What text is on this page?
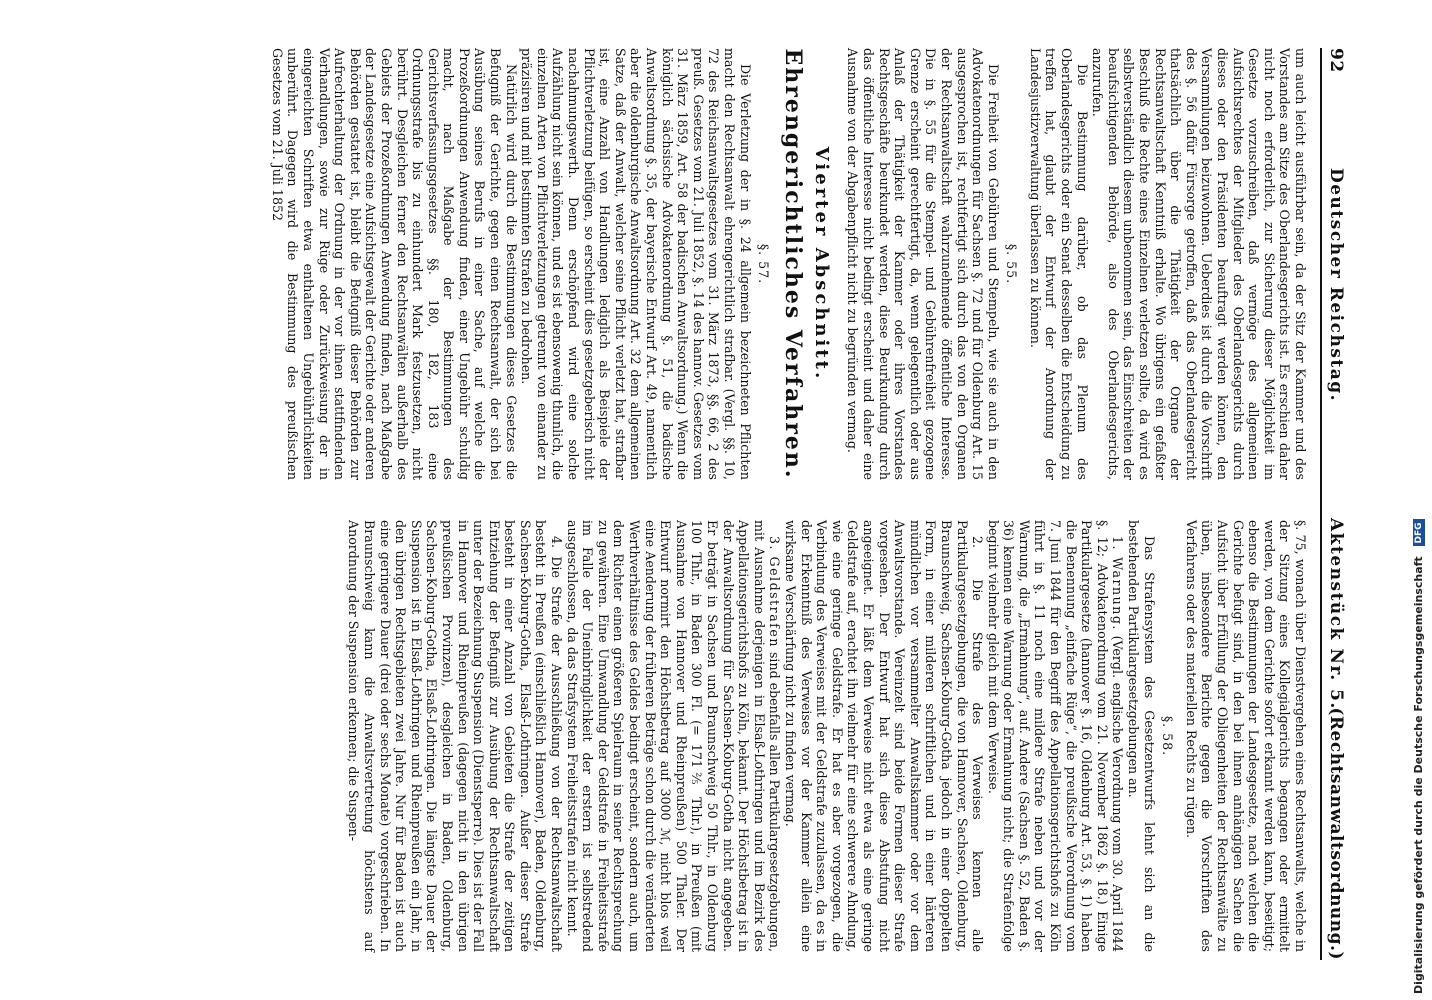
92
Deutscher Reichstag.
Aktenstück Nr. 5.
(Rechtsanwaltsordnung.)

um auch leicht ausführbar sein, da der Sitz der Kammer und des Vorstandes am Sitze des Oberlandesgerichts ist. Es erschien daher nicht noch erforderlich, zur Sicherung dieser Möglichkeit im Gesetze vorzuschreiben, daß vermöge des allgemeinen Aufsichtsrechtes der Mitglieder des Oberlandesgerichts durch dieses oder den Präsidenten beauftragt werden können, den Versammlungen beizuwohnen. Ueberdies ist durch die Vorschrift des §. 56 dafür Fürsorge getroffen, daß das Oberlandesgericht thatsächlich über die Thätigkeit der Organe der Rechtsanwaltschaft Kenntniß erhalte. Wo übrigens ein gefaßter Beschluß die Rechte eines Einzelnen verletzen sollte, da wird es selbstverständlich diesem unbenommen sein, das Einschreiten der beaufsichtigenden Behörde, also des Oberlandesgerichts, anzurufen.

Die Bestimmung darüber, ob das Plenum des Oberlandesgerichts oder ein Senat desselben die Entscheidung zu treffen hat, glaubt der Entwurf der Anordnung der Landesjustizverwaltung überlassen zu können.

§. 55.

Die Freiheit von Gebühren und Stempeln, wie sie auch in den Advokatenordnungen für Sachsen §. 72 und für Oldenburg Art. 15 ausgesprochen ist, rechtfertigt sich durch das von den Organen der Rechtsanwaltschaft wahrzunehmende öffentliche Interesse. Die in §. 55 für die Stempel- und Gebührenfreiheit gezogene Grenze erscheint gerechtfertigt, da, wenn gelegentlich oder aus Anlaß der Thätigkeit der Kammer oder ihres Vorstandes Rechtsgeschäfte beurkundet werden, diese Beurkundung durch das öffentliche Interesse nicht bedingt erscheint und daher eine Ausnahme von der Abgabenpflicht nicht zu begründen vermag.

Vierter Abschnitt.
Ehrengerichtliches Verfahren.

§. 57.

Die Verletzung der in §. 24 allgemein bezeichneten Pflichten macht den Rechtsanwalt ehrengerichtlich strafbar. (Vergl. §§. 10, 72 des Reichsanwaltsgesetzes vom 31. März 1873, §§. 66, 2 des preuß. Gesetzes vom 21. Juli 1852, §. 14 des hannov. Gesetzes vom 31. März 1859, Art. 58 der badischen Anwaltsordnung.) Wenn die königlich sächsische Advokatenordnung §. 51, die badische Anwaltsordnung §. 35, der bayerische Entwurf Art. 49, namentlich aber die oldenburgische Anwaltsordnung Art. 32 dem allgemeinen Satze, daß der Anwalt, welcher seine Pflicht verletzt hat, strafbar ist, eine Anzahl von Handlungen lediglich als Beispiele der Pflichtverletzung beifügen, so erscheint dies gesetzgeberisch nicht nachahmungswerth. Denn erschöpfend wird eine solche Aufzählung nicht sein können, und es ist ebensowenig thunlich, die einzelnen Arten von Pflichtverletzungen getrennt von einander zu präzisiren und mit bestimmten Strafen zu bedrohen.

Natürlich wird durch die Bestimmungen dieses Gesetzes die Befugniß der Gerichte, gegen einen Rechtsanwalt, der sich bei Ausübung seines Berufs in einer Sache, auf welche die Prozeßordnungen Anwendung finden, einer Ungebühr schuldig macht, nach Maßgabe der Bestimmungen des Gerichtsverfassungsgesetzes §§. 180, 182, 183 eine Ordnungsstrafe bis zu einhundert Mark festzusetzen, nicht berührt. Desgleichen ferner den Rechtsanwälten außerhalb des Gebiets der Prozeßordnungen Anwendung finden, nach Maßgabe der Landesgesetze eine Aufsichtsgewalt der Gerichte oder anderen Behörden gestattet ist, bleibt die Befugniß dieser Behörden zur Aufrechterhaltung der Ordnung in der vor ihnen stattfindenden Verhandlungen, sowie zur Rüge oder Zurückweisung der in eingereichten Schriften etwa enthaltenen Ungebührlichkeiten unberührt. Dagegen wird die Bestimmung des preußischen Gesetzes vom 21. Juli 1852

§. 75, wonach über Dienstvergehen eines Rechtsanwalts, welche in der Sitzung eines Kollegialgerichts begangen oder ermittelt werden, von dem Gerichte sofort erkannt werden kann, beseitigt; ebenso die Bestimmungen der Landesgesetze, nach welchen die Gerichte befugt sind, in den bei ihnen anhängigen Sachen die Aufsicht über Erfüllung der Obliegenheiten der Rechtsanwälte zu üben, insbesondere Berichte gegen die Vorschriften des Verfahrens oder des materiellen Rechts zu rügen.

§. 58.

Das Strafensystem des Gesetzentwurfs lehnt sich an die bestehenden Partikulargesetzgebungen an.

1. Warnung. (Vergl. englische Verordnung vom 30. April 1844 §. 12; Advokatenordnung vom 21. November 1862 §. 18.) Einige Partikulargesetze (hannover §. 16, Oldenburg Art. 53, §. 1) haben die Benennung „einfache Rüge“, die preußische Verordnung vom 7. Juni 1844 für den Begriff des Appellationsgerichtshofs zu Köln führt in §. 11 noch eine mildere Strafe neben und vor der Warnung, die „Ermahnung“, auf. Andere (Sachsen §. 52, Baden §. 36) kennen eine Warnung oder Ermahnung nicht; die Strafenfolge beginnt vielmehr gleich mit dem Verweise.

2. Die Strafe des Verweises kennen alle Partikulargesetzgebungen, die von Hannover, Sachsen, Oldenburg, Braunschweig, Sachsen-Koburg-Gotha jedoch in einer doppelten Form, in einer milderen schriftlichen und in einer härteren mündlichen vor versammelter Anwaltskammer oder vor dem Anwaltsvorstande. Vereinzelt sind beide Formen dieser Strafe vorgesehen. Der Entwurf hat sich diese Abstufung nicht angeeignet. Er läßt dem Verweise nicht etwa als eine geringe Geldstrafe auf, erachtet ihn vielmehr für eine schwerere Ahndung, wie eine geringe Geldstrafe. Er hat es aber vorgezogen, die Verbindung des Verweises mit der Geldstrafe zuzulassen, da es in der Erkenntniß des Verweises vor der Kammer allein eine wirksame Verschärfung nicht zu finden vermag.

3. Geldstrafen sind ebenfalls allen Partikulargesetzgebungen, mit Ausnahme derjenigen in Elsaß-Lothringen und im Bezirk des Appellationsgerichtshofs zu Köln, bekannt. Der Höchstbetrag ist in der Anwaltsordnung für Sachsen-Koburg-Gotha nicht angegeben. Er beträgt in Sachsen und Braunschweig 50 Thlr., in Oldenburg 100 Thlr., in Baden 300 Fl. (= 171⅖ Thlr.), in Preußen (mit Ausnahme von Hannover und Rheinpreußen) 500 Thaler. Der Entwurf normirt den Höchstbetrag auf 3000 ℳ, nicht blos weil eine Aenderung der früheren Beträge schon durch die veränderten Werthverhältnisse des Geldes bedingt erscheint, sondern auch, um dem Richter einen größeren Spielraum in seiner Rechtsprechung zu gewähren. Eine Umwandlung der Geldstrafe in Freiheitsstrafe im Falle der Uneinbringlichkeit der erstern ist selbstredend ausgeschlossen, da das Strafsystem Freiheitsstrafen nicht kennt.

4. Die Strafe der Ausschließung von der Rechtsanwaltschaft besteht in Preußen (einschließlich Hannover), Baden, Oldenburg, Sachsen-Koburg-Gotha, Elsaß-Lothringen. Außer dieser Strafe besteht in einer Anzahl von Gebieten die Strafe der zeitigen Entziehung der Befugniß zur Ausübung der Rechtsanwaltschaft unter der Bezeichnung Suspension (Dienstsperre). Dies ist der Fall in Hannover und Rheinpreußen (dagegen nicht in den übrigen preußischen Provinzen), desgleichen in Baden, Oldenburg, Sachsen-Koburg-Gotha, Elsaß-Lothringen. Die längste Dauer der Suspension ist in Elsaß-Lothringen und Rheinpreußen ein Jahr, in den übrigen Rechtsgebieten zwei Jahre. Nur für Baden ist auch eine geringere Dauer (drei oder sechs Monate) vorgeschrieben. In Braunschweig kann die Anwaltsvertretung höchstens auf Anordnung der Suspension erkennen; die Suspen-	Digitalisierung gefördert durch die Deutsche Forschungsgemeinschaft DFG
